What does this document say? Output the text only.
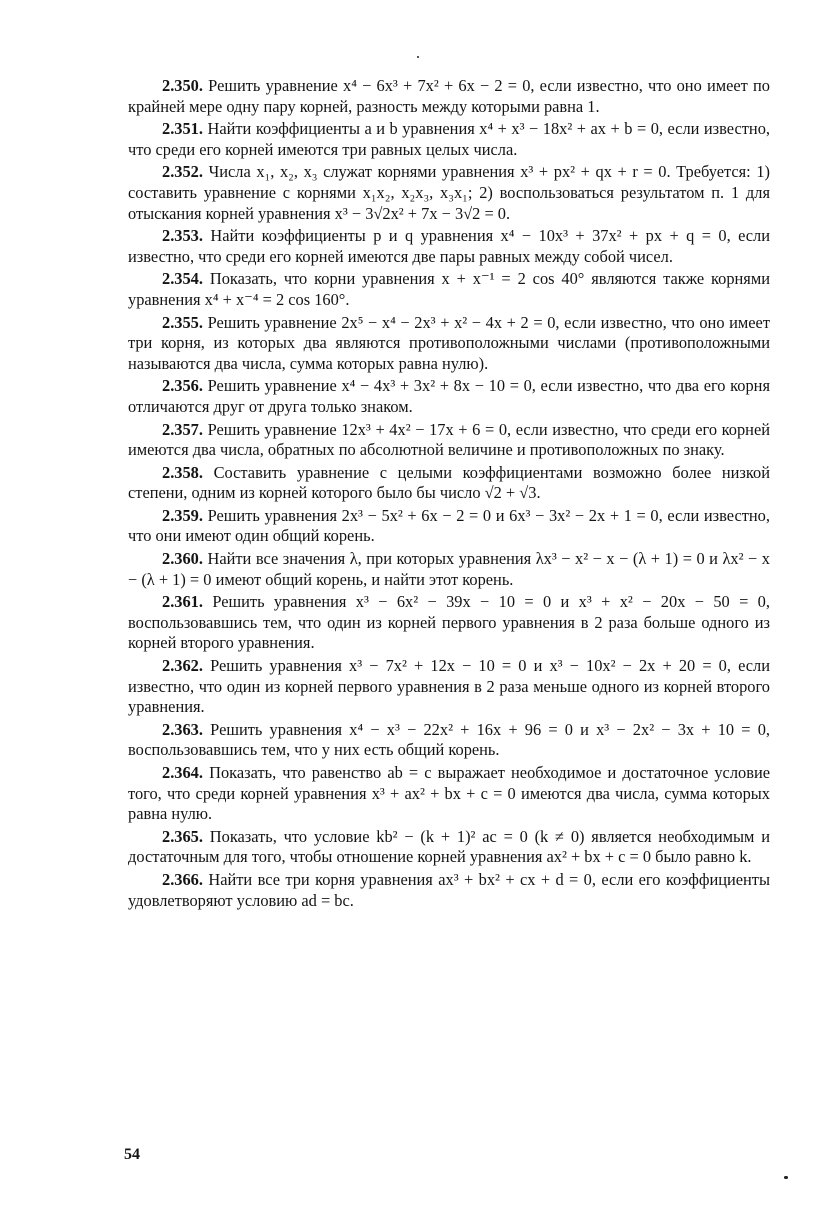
2.350. Решить уравнение x⁴ − 6x³ + 7x² + 6x − 2 = 0, если известно, что оно имеет по крайней мере одну пару корней, разность между которыми равна 1.

2.351. Найти коэффициенты a и b уравнения x⁴ + x³ − 18x² + ax + b = 0, если известно, что среди его корней имеются три равных целых числа.

2.352. Числа x₁, x₂, x₃ служат корнями уравнения x³ + px² + qx + r = 0. Требуется: 1) составить уравнение с корнями x₁x₂, x₂x₃, x₃x₁; 2) воспользоваться результатом п. 1 для отыскания корней уравнения x³ − 3√2x² + 7x − 3√2 = 0.

2.353. Найти коэффициенты p и q уравнения x⁴ − 10x³ + 37x² + px + q = 0, если известно, что среди его корней имеются две пары равных между собой чисел.

2.354. Показать, что корни уравнения x + x⁻¹ = 2 cos 40° являются также корнями уравнения x⁴ + x⁻⁴ = 2 cos 160°.

2.355. Решить уравнение 2x⁵ − x⁴ − 2x³ + x² − 4x + 2 = 0, если известно, что оно имеет три корня, из которых два являются противоположными числами (противоположными называются два числа, сумма которых равна нулю).

2.356. Решить уравнение x⁴ − 4x³ + 3x² + 8x − 10 = 0, если известно, что два его корня отличаются друг от друга только знаком.

2.357. Решить уравнение 12x³ + 4x² − 17x + 6 = 0, если известно, что среди его корней имеются два числа, обратных по абсолютной величине и противоположных по знаку.

2.358. Составить уравнение с целыми коэффициентами возможно более низкой степени, одним из корней которого было бы число √2 + √3.

2.359. Решить уравнения 2x³ − 5x² + 6x − 2 = 0 и 6x³ − 3x² − 2x + 1 = 0, если известно, что они имеют один общий корень.

2.360. Найти все значения λ, при которых уравнения λx³ − x² − x − (λ + 1) = 0 и λx² − x − (λ + 1) = 0 имеют общий корень, и найти этот корень.

2.361. Решить уравнения x³ − 6x² − 39x − 10 = 0 и x³ + x² − 20x − 50 = 0, воспользовавшись тем, что один из корней первого уравнения в 2 раза больше одного из корней второго уравнения.

2.362. Решить уравнения x³ − 7x² + 12x − 10 = 0 и x³ − 10x² − 2x + 20 = 0, если известно, что один из корней первого уравнения в 2 раза меньше одного из корней второго уравнения.

2.363. Решить уравнения x⁴ − x³ − 22x² + 16x + 96 = 0 и x³ − 2x² − 3x + 10 = 0, воспользовавшись тем, что у них есть общий корень.

2.364. Показать, что равенство ab = c выражает необходимое и достаточное условие того, что среди корней уравнения x³ + ax² + bx + c = 0 имеются два числа, сумма которых равна нулю.

2.365. Показать, что условие kb² − (k + 1)² ac = 0 (k ≠ 0) является необходимым и достаточным для того, чтобы отношение корней уравнения ax² + bx + c = 0 было равно k.

2.366. Найти все три корня уравнения ax³ + bx² + cx + d = 0, если его коэффициенты удовлетворяют условию ad = bc.

54
